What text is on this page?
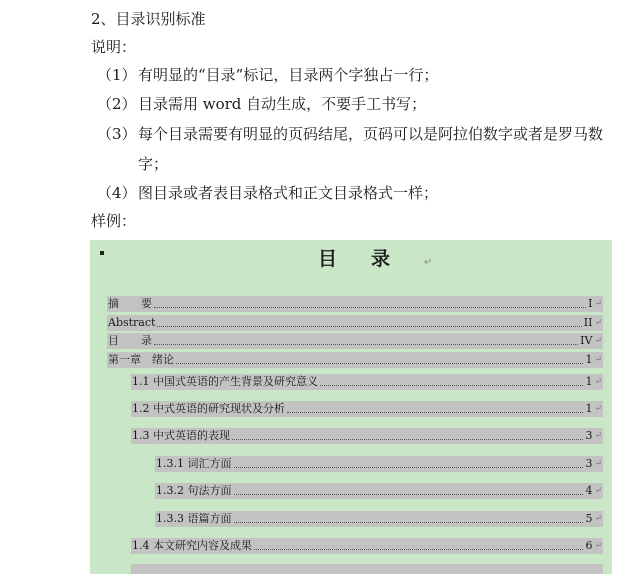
2、目录识别标准
说明：
（1） 有明显的“目录”标记，目录两个字独占一行；
（2） 目录需用 word 自动生成，不要手工书写；
（3） 每个目录需要有明显的页码结尾，页码可以是阿拉伯数字或者是罗马数
字；
（4） 图目录或者表目录格式和正文目录格式一样；
样例：
目录↵
摘　　要	I ↵
Abstract	II ↵
目　　录	IV ↵
第一章　绪论	1 ↵
1.1 中国式英语的产生背景及研究意义	1 ↵
1.2 中式英语的研究现状及分析	1 ↵
1.3 中式英语的表现	3 ↵
1.3.1 词汇方面	3 ↵
1.3.2 句法方面	4 ↵
1.3.3 语篇方面	5 ↵
1.4 本文研究内容及成果	6 ↵
